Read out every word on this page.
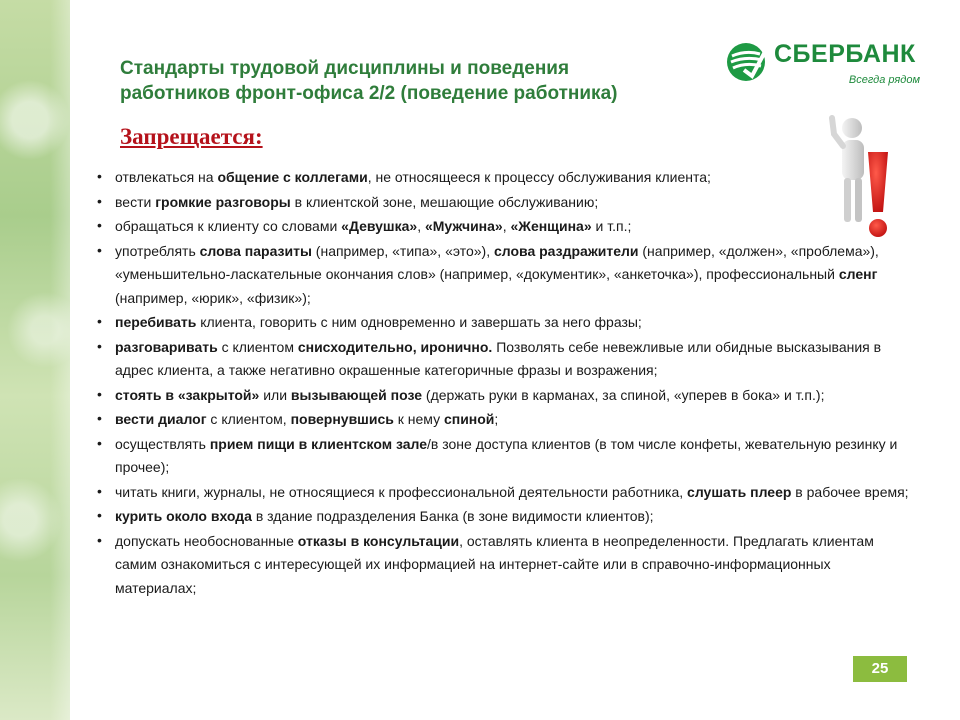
Стандарты трудовой дисциплины и поведения
работников фронт-офиса 2/2 (поведение работника)
СБЕРБАНК
Всегда рядом
Запрещается:
• отвлекаться на общение с коллегами, не относящееся к процессу обслуживания клиента;
• вести громкие разговоры в клиентской зоне, мешающие обслуживанию;
• обращаться к клиенту со словами «Девушка», «Мужчина», «Женщина» и т.п.;
• употреблять слова паразиты (например, «типа», «это»), слова раздражители (например, «должен», «проблема»), «уменьшительно-ласкательные окончания слов» (например, «документик», «анкеточка»), профессиональный сленг (например, «юрик», «физик»);
• перебивать клиента, говорить с ним одновременно и завершать за него фразы;
• разговаривать с клиентом снисходительно, иронично. Позволять себе невежливые или обидные высказывания в адрес клиента, а также негативно окрашенные категоричные фразы и возражения;
• стоять в «закрытой» или вызывающей позе (держать руки в карманах, за спиной, «уперев в бока» и т.п.);
• вести диалог с клиентом, повернувшись к нему спиной;
• осуществлять прием пищи в клиентском зале/в зоне доступа клиентов (в том числе конфеты, жевательную резинку и прочее);
• читать книги, журналы, не относящиеся к профессиональной деятельности работника, слушать плеер в рабочее время;
• курить около входа в здание подразделения Банка (в зоне видимости клиентов);
• допускать необоснованные отказы в консультации, оставлять клиента в неопределенности. Предлагать клиентам самим ознакомиться с интересующей их информацией на интернет-сайте или в справочно-информационных материалах;
25
